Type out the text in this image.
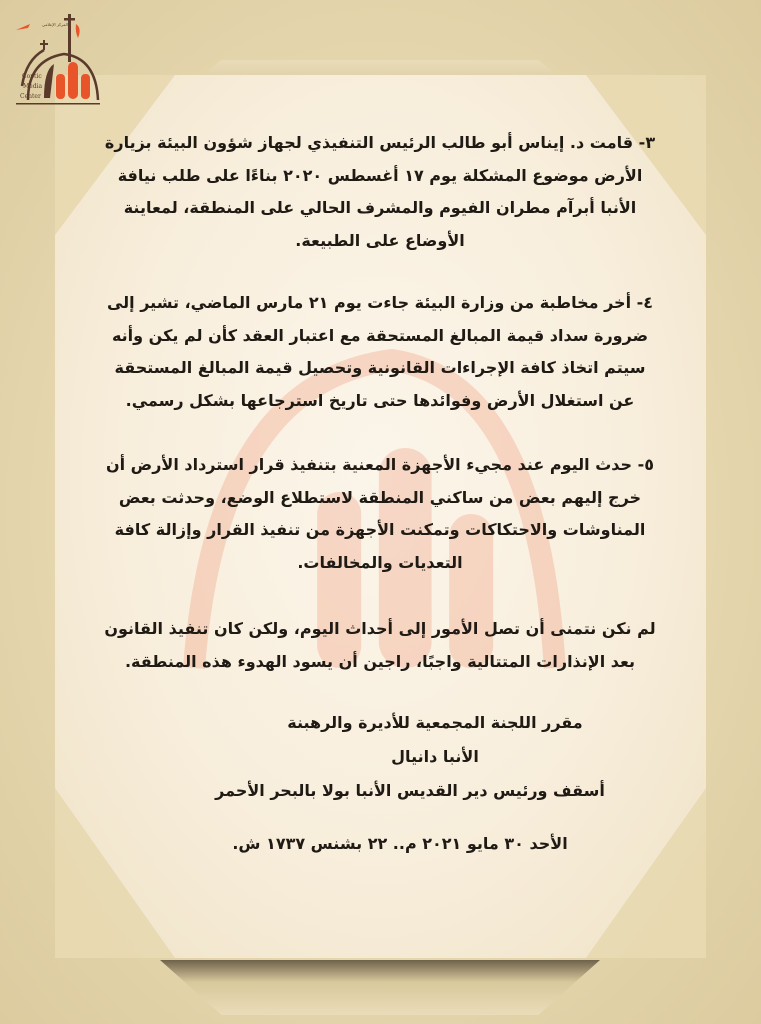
المركز الإعلامي
Coptic
Media
Center

٣- قامت د. إيناس أبو طالب الرئيس التنفيذي لجهاز شؤون البيئة بزيارة الأرض موضوع المشكلة يوم ١٧ أغسطس ٢٠٢٠ بناءًا على طلب نيافة الأنبا أبرآم مطران الفيوم والمشرف الحالي على المنطقة، لمعاينة الأوضاع على الطبيعة.

٤- أخر مخاطبة من وزارة البيئة جاءت يوم ٢١ مارس الماضي، تشير إلى ضرورة سداد قيمة المبالغ المستحقة مع اعتبار العقد كأن لم يكن وأنه سيتم اتخاذ كافة الإجراءات القانونية وتحصيل قيمة المبالغ المستحقة عن استغلال الأرض وفوائدها حتى تاريخ استرجاعها بشكل رسمي.

٥- حدث اليوم عند مجيء الأجهزة المعنية بتنفيذ قرار استرداد الأرض أن خرج إليهم بعض من ساكني المنطقة لاستطلاع الوضع، وحدثت بعض المناوشات والاحتكاكات وتمكنت الأجهزة من تنفيذ القرار وإزالة كافة التعديات والمخالفات.

لم نكن نتمنى أن تصل الأمور إلى أحداث اليوم، ولكن كان تنفيذ القانون بعد الإنذارات المتتالية واجبًا، راجين أن يسود الهدوء هذه المنطقة.

مقرر اللجنة المجمعية للأديرة والرهبنة
الأنبا دانيال
أسقف ورئيس دير القديس الأنبا بولا بالبحر الأحمر

الأحد ٣٠ مايو ٢٠٢١ م.. ٢٢ بشنس ١٧٣٧ ش.
